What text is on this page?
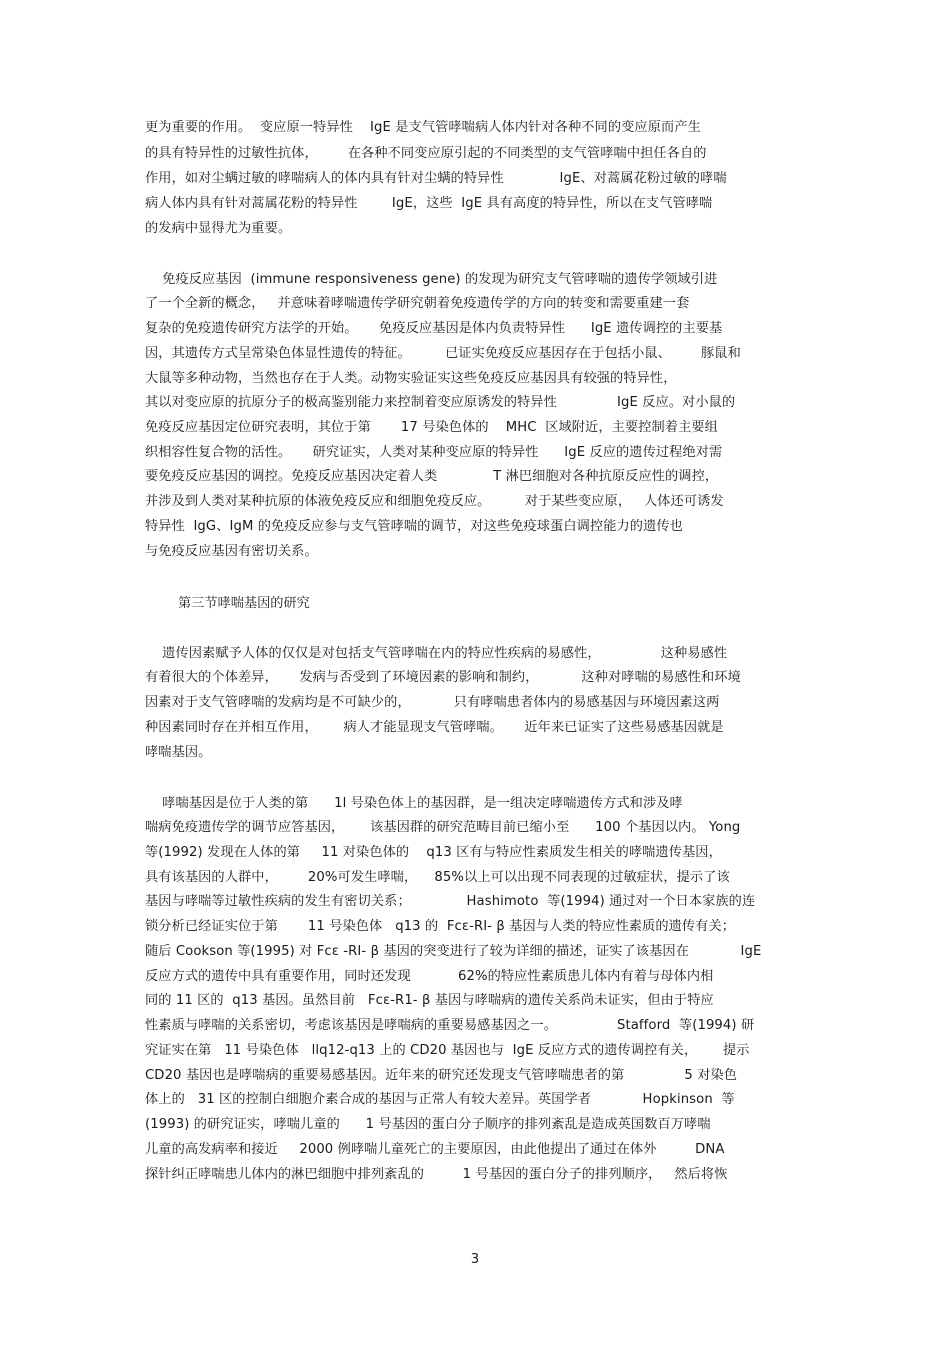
更为重要的作用。  变应原一特异性    IgE 是支气管哮喘病人体内针对各种不同的变应原而产生
的具有特异性的过敏性抗体，       在各种不同变应原引起的不同类型的支气管哮喘中担任各自的
作用，如对尘螨过敏的哮喘病人的体内具有针对尘螨的特异性             IgE、对蒿属花粉过敏的哮喘
病人体内具有针对蒿属花粉的特异性        IgE，这些  IgE 具有高度的特异性，所以在支气管哮喘
的发病中显得尤为重要。
免疫反应基因  (immune responsiveness gene) 的发现为研究支气管哮喘的遗传学领域引进
了一个全新的概念，   并意味着哮喘遗传学研究朝着免疫遗传学的方向的转变和需要重建一套
复杂的免疫遗传研究方法学的开始。     免疫反应基因是体内负责特异性      IgE 遗传调控的主要基
因，其遗传方式呈常染色体显性遗传的特征。        已证实免疫反应基因存在于包括小鼠、       豚鼠和
大鼠等多种动物，当然也存在于人类。动物实验证实这些免疫反应基因具有较强的特异性，
其以对变应原的抗原分子的极高鉴别能力来控制着变应原诱发的特异性              IgE 反应。对小鼠的
免疫反应基因定位研究表明，其位于第       17 号染色体的    MHC  区域附近，主要控制着主要组
织相容性复合物的活性。     研究证实，人类对某种变应原的特异性      IgE 反应的遗传过程绝对需
要免疫反应基因的调控。免疫反应基因决定着人类             T 淋巴细胞对各种抗原反应性的调控，
并涉及到人类对某种抗原的体液免疫反应和细胞免疫反应。        对于某些变应原，   人体还可诱发
特异性  IgG、IgM 的免疫反应参与支气管哮喘的调节，对这些免疫球蛋白调控能力的遗传也
与免疫反应基因有密切关系。
第三节哮喘基因的研究
遗传因素赋予人体的仅仅是对包括支气管哮喘在内的特应性疾病的易感性，              这种易感性
有着很大的个体差异，     发病与否受到了环境因素的影响和制约，          这种对哮喘的易感性和环境
因素对于支气管哮喘的发病均是不可缺少的，          只有哮喘患者体内的易感基因与环境因素这两
种因素同时存在并相互作用，      病人才能显现支气管哮喘。     近年来已证实了这些易感基因就是
哮喘基因。
哮喘基因是位于人类的第      1l 号染色体上的基因群，是一组决定哮喘遗传方式和涉及哮
喘病免疫遗传学的调节应答基因，      该基因群的研究范畴目前已缩小至      100 个基因以内。 Yong
等(1992) 发现在人体的第     11 对染色体的    q13 区有与特应性素质发生相关的哮喘遗传基因，
具有该基因的人群中，       20%可发生哮喘，    85%以上可以出现不同表现的过敏症状，提示了该
基因与哮喘等过敏性疾病的发生有密切关系；             Hashimoto  等(1994) 通过对一个日本家族的连
锁分析已经证实位于第       11 号染色体   q13 的  Fcε-RI- β 基因与人类的特应性素质的遗传有关；
随后 Cookson 等(1995) 对 Fcε -RI- β 基因的突变进行了较为详细的描述，证实了该基因在            IgE
反应方式的遗传中具有重要作用，同时还发现           62%的特应性素质患儿体内有着与母体内相
同的 11 区的  q13 基因。虽然目前   Fcε-R1- β 基因与哮喘病的遗传关系尚未证实，但由于特应
性素质与哮喘的关系密切，考虑该基因是哮喘病的重要易感基因之一。              Stafford  等(1994) 研
究证实在第   11 号染色体   llq12-q13 上的 CD20 基因也与  IgE 反应方式的遗传调控有关，      提示
CD20 基因也是哮喘病的重要易感基因。近年来的研究还发现支气管哮喘患者的第              5 对染色
体上的   31 区的控制白细胞介素合成的基因与正常人有较大差异。英国学者            Hopkinson  等
(1993) 的研究证实，哮喘儿童的      1 号基因的蛋白分子顺序的排列紊乱是造成英国数百万哮喘
儿童的高发病率和接近     2000 例哮喘儿童死亡的主要原因，由此他提出了通过在体外         DNA
探针纠正哮喘患儿体内的淋巴细胞中排列紊乱的         1 号基因的蛋白分子的排列顺序，   然后将恢
3
